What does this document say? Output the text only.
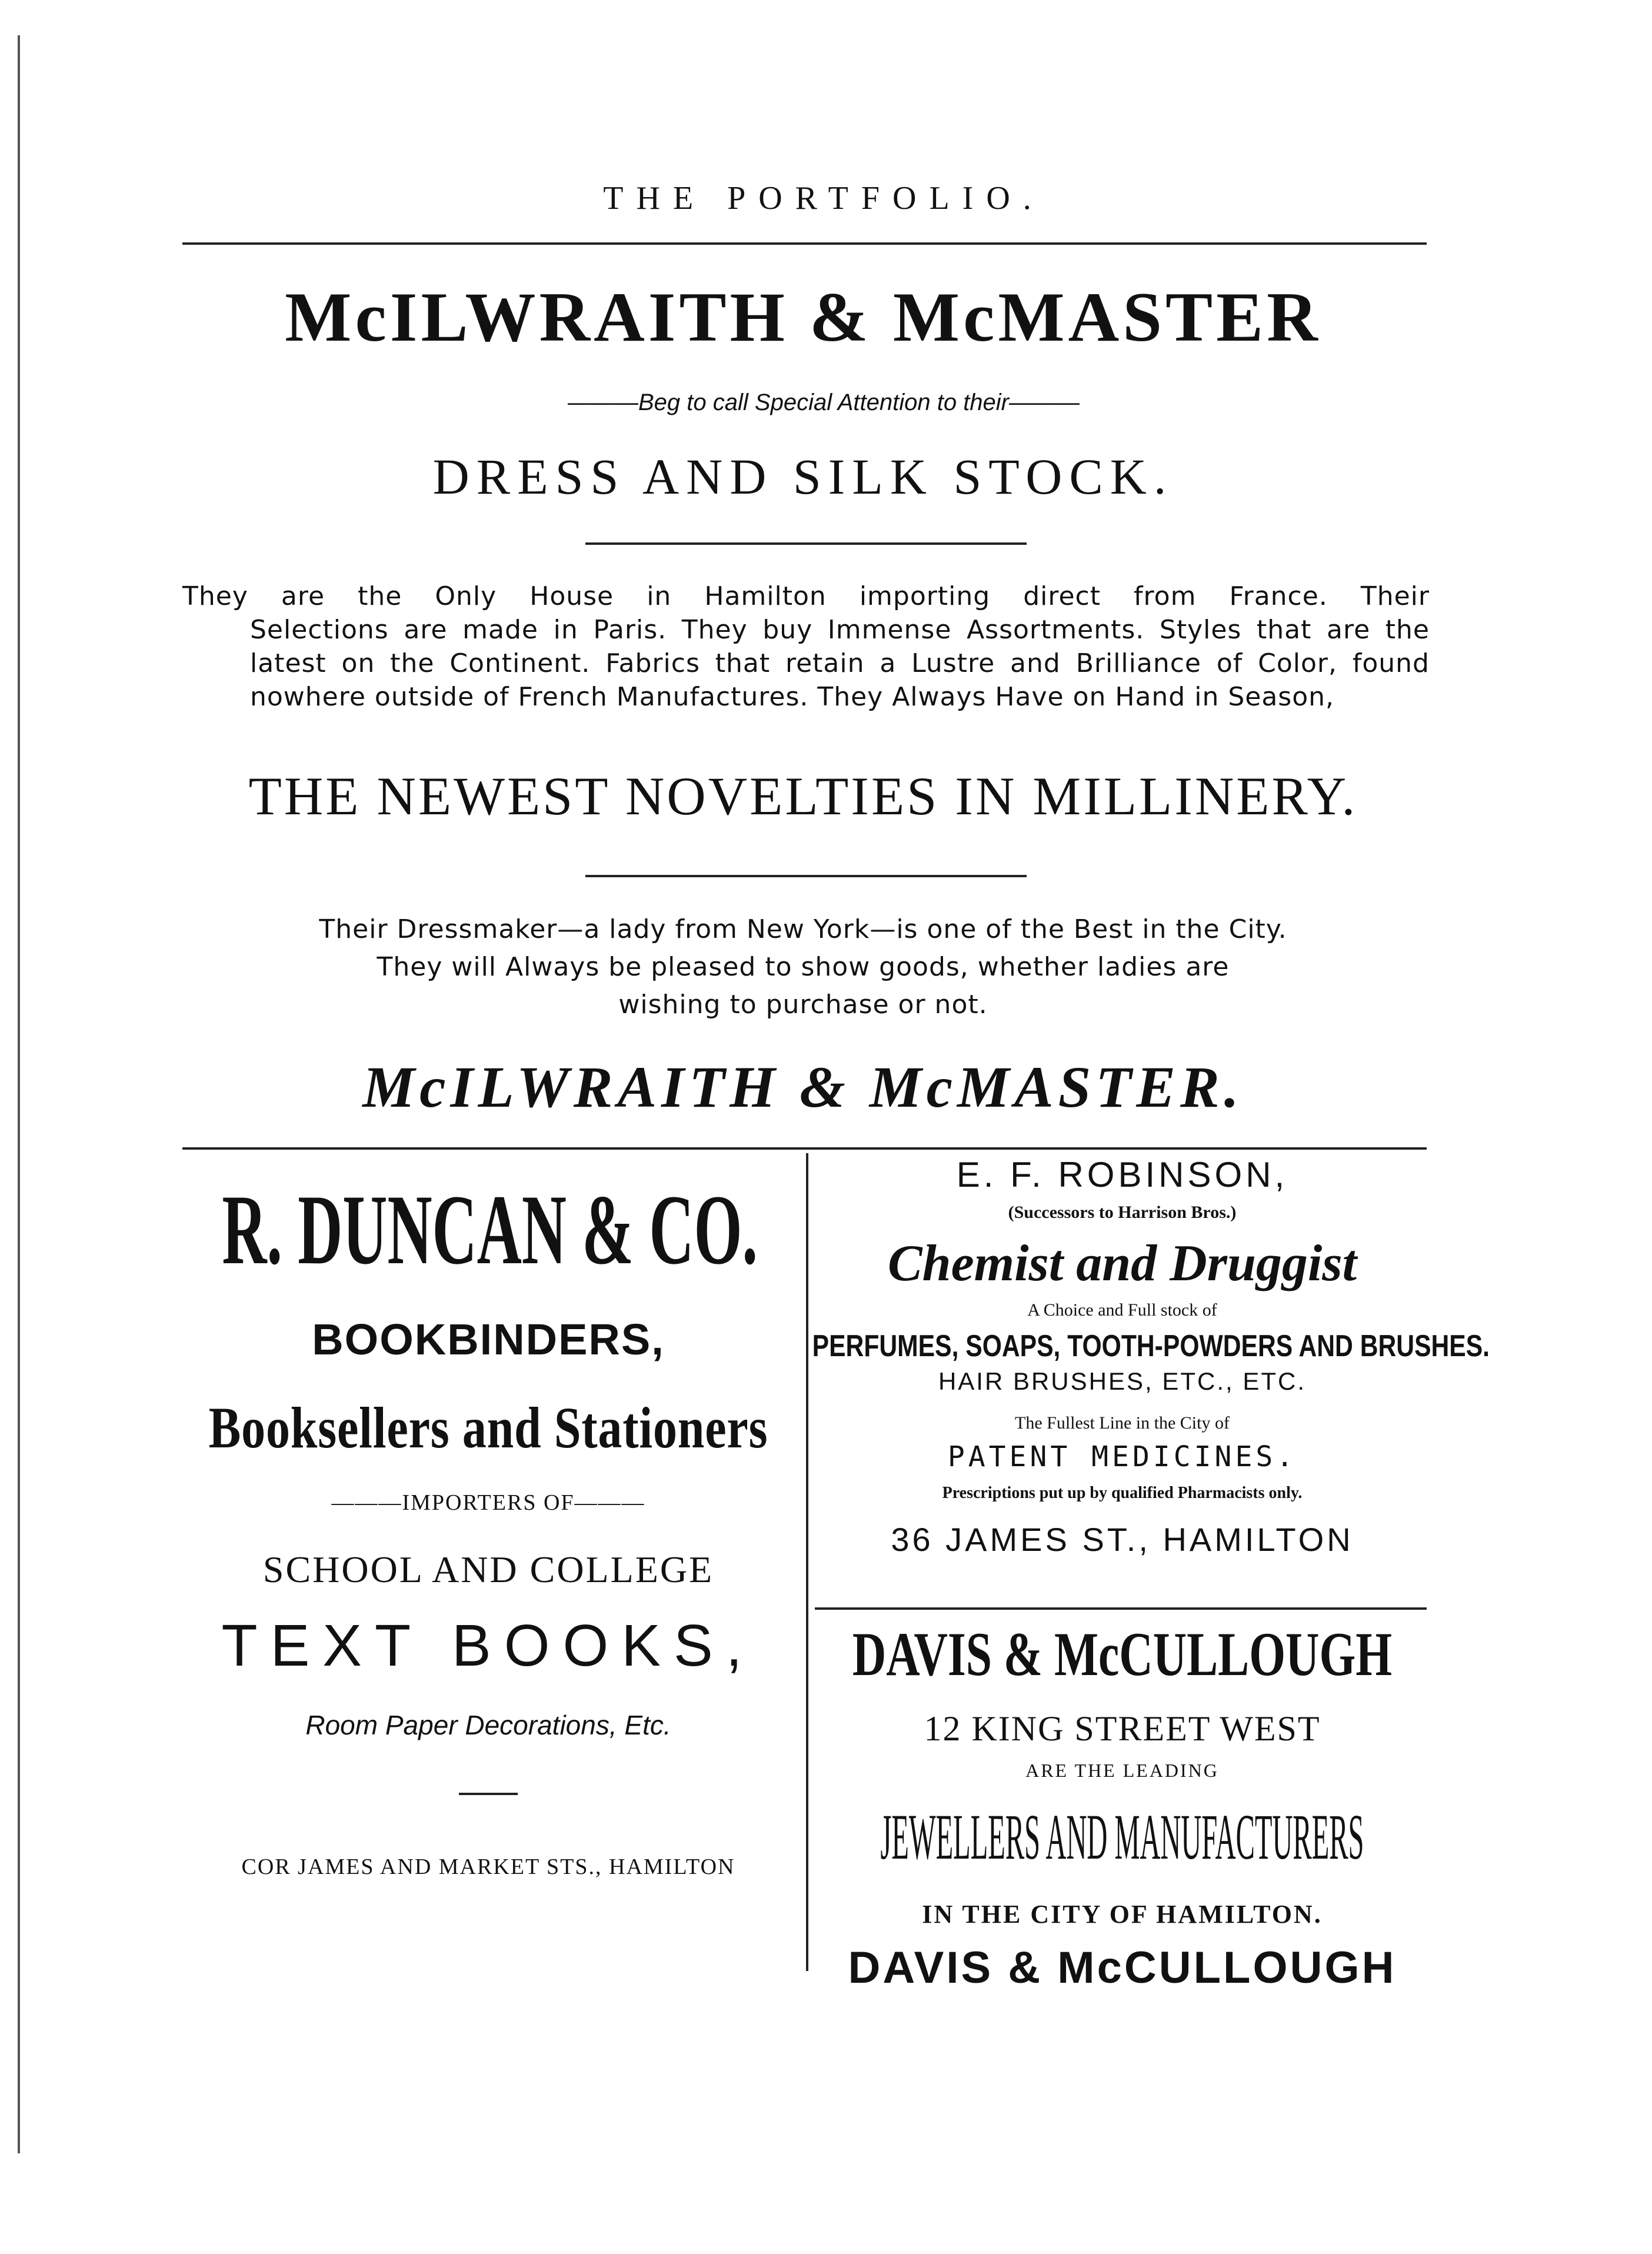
THE PORTFOLIO.
McILWRAITH & McMASTER
———Beg to call Special Attention to their———
DRESS AND SILK STOCK.
They are the Only House in Hamilton importing direct from France. Their
Selections are made in Paris. They buy Immense Assortments. Styles that are the latest on the Continent. Fabrics that retain a Lustre and Brilliance of Color, found nowhere outside of French Manufactures. They Always Have on Hand in Season,
THE NEWEST NOVELTIES IN MILLINERY.
Their Dressmaker—a lady from New York—is one of the Best in the City.
They will Always be pleased to show goods, whether ladies are
wishing to purchase or not.
McILWRAITH & McMASTER.
R. DUNCAN & CO.
BOOKBINDERS,
Booksellers and Stationers
———IMPORTERS OF———
SCHOOL AND COLLEGE
TEXT BOOKS,
Room Paper Decorations, Etc.
COR JAMES AND MARKET STS., HAMILTON
E. F. ROBINSON,
(Successors to Harrison Bros.)
Chemist and Druggist
A Choice and Full stock of
PERFUMES, SOAPS, TOOTH-POWDERS AND BRUSHES.
HAIR BRUSHES, ETC., ETC.
The Fullest Line in the City of
PATENT MEDICINES.
Prescriptions put up by qualified Pharmacists only.
36 JAMES ST., HAMILTON
DAVIS & McCULLOUGH
12 KING STREET WEST
ARE THE LEADING
JEWELLERS AND MANUFACTURERS
IN THE CITY OF HAMILTON.
DAVIS & McCULLOUGH
